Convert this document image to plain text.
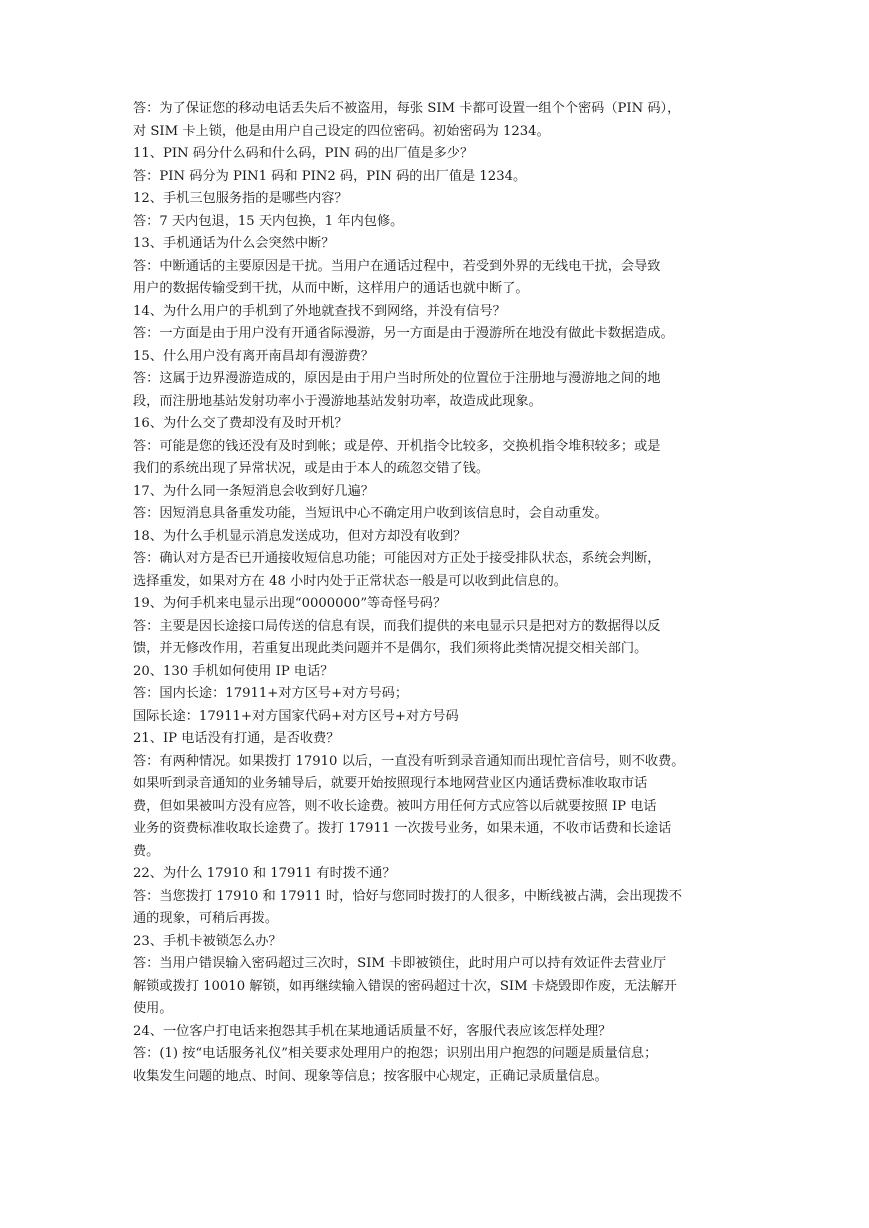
答：为了保证您的移动电话丢失后不被盗用，每张 SIM 卡都可设置一组个个密码（PIN 码），
对 SIM 卡上锁，他是由用户自己设定的四位密码。初始密码为 1234。
11、PIN 码分什么码和什么码，PIN 码的出厂值是多少？
答：PIN 码分为 PIN1 码和 PIN2 码，PIN 码的出厂值是 1234。
12、手机三包服务指的是哪些内容？
答：7 天内包退，15 天内包换，1 年内包修。
13、手机通话为什么会突然中断？
答：中断通话的主要原因是干扰。当用户在通话过程中，若受到外界的无线电干扰，会导致
用户的数据传输受到干扰，从而中断，这样用户的通话也就中断了。
14、为什么用户的手机到了外地就查找不到网络，并没有信号？
答：一方面是由于用户没有开通省际漫游，另一方面是由于漫游所在地没有做此卡数据造成。
15、什么用户没有离开南昌却有漫游费？
答：这属于边界漫游造成的，原因是由于用户当时所处的位置位于注册地与漫游地之间的地
段，而注册地基站发射功率小于漫游地基站发射功率，故造成此现象。
16、为什么交了费却没有及时开机？
答：可能是您的钱还没有及时到帐；或是停、开机指令比较多，交换机指令堆积较多；或是
我们的系统出现了异常状况，或是由于本人的疏忽交错了钱。
17、为什么同一条短消息会收到好几遍？
答：因短消息具备重发功能，当短讯中心不确定用户收到该信息时，会自动重发。
18、为什么手机显示消息发送成功，但对方却没有收到？
答：确认对方是否已开通接收短信息功能；可能因对方正处于接受排队状态，系统会判断，
选择重发，如果对方在 48 小时内处于正常状态一般是可以收到此信息的。
19、为何手机来电显示出现“0000000”等奇怪号码？
答：主要是因长途接口局传送的信息有误，而我们提供的来电显示只是把对方的数据得以反
馈，并无修改作用，若重复出现此类问题并不是偶尔，我们须将此类情况提交相关部门。
20、130 手机如何使用 IP 电话？
答：国内长途：17911+对方区号+对方号码；
国际长途：17911+对方国家代码+对方区号+对方号码
21、IP 电话没有打通，是否收费？
答：有两种情况。如果拨打 17910 以后，一直没有听到录音通知而出现忙音信号，则不收费。
如果听到录音通知的业务辅导后，就要开始按照现行本地网营业区内通话费标准收取市话
费，但如果被叫方没有应答，则不收长途费。被叫方用任何方式应答以后就要按照 IP 电话
业务的资费标准收取长途费了。拨打 17911 一次拨号业务，如果未通，不收市话费和长途话
费。
22、为什么 17910 和 17911 有时拨不通？
答：当您拨打 17910 和 17911 时，恰好与您同时拨打的人很多，中断线被占满，会出现拨不
通的现象，可稍后再拨。
23、手机卡被锁怎么办？
答：当用户错误输入密码超过三次时，SIM 卡即被锁住，此时用户可以持有效证件去营业厅
解锁或拨打 10010 解锁，如再继续输入错误的密码超过十次，SIM 卡烧毁即作废，无法解开
使用。
24、一位客户打电话来抱怨其手机在某地通话质量不好，客服代表应该怎样处理？
答：(1) 按“电话服务礼仪”相关要求处理用户的抱怨；识别出用户抱怨的问题是质量信息；
收集发生问题的地点、时间、现象等信息；按客服中心规定，正确记录质量信息。
